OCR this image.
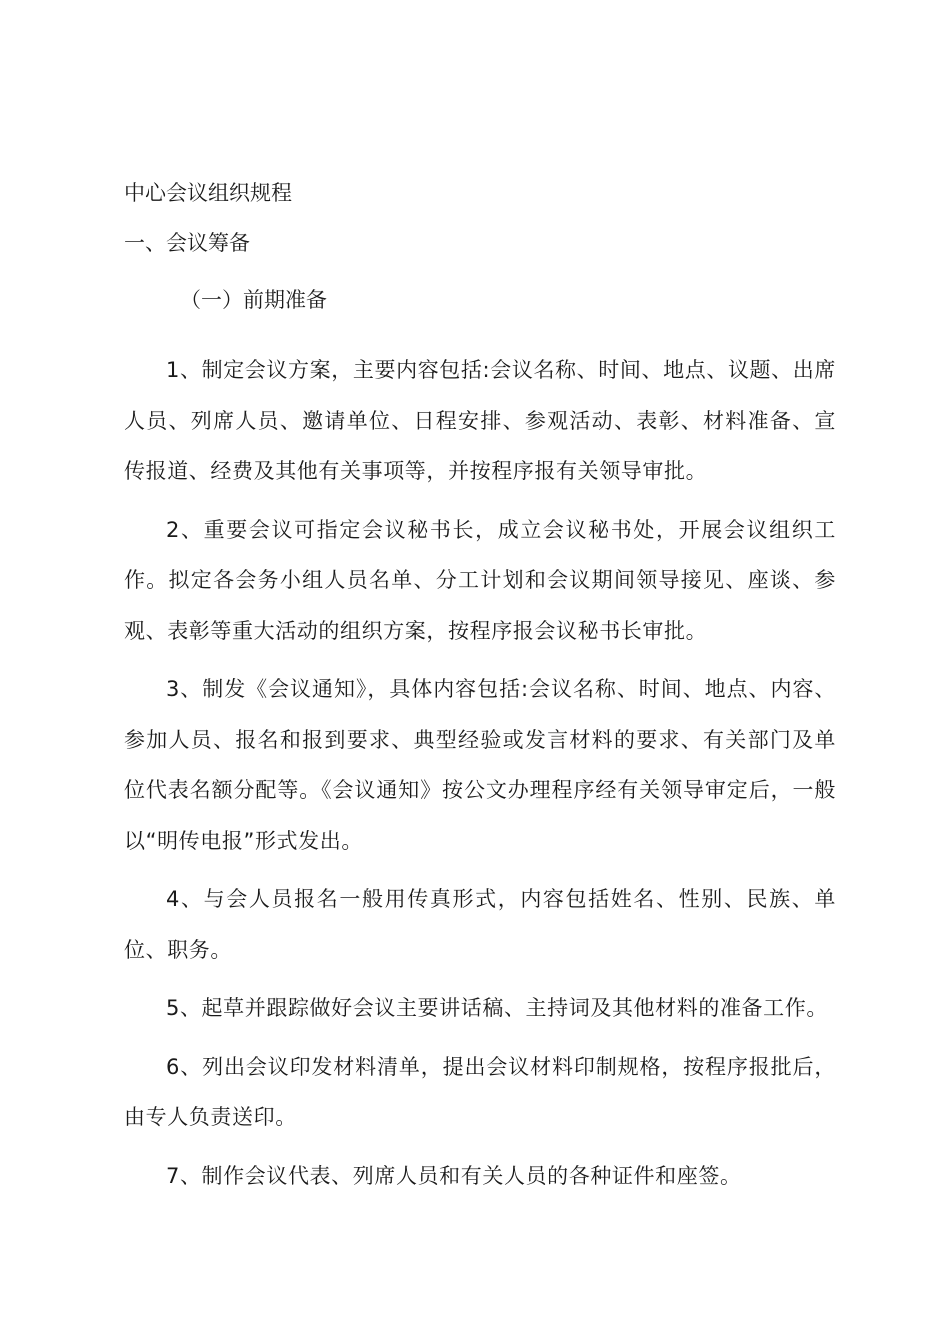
中心会议组织规程
一、会议筹备
（一）前期准备

1、制定会议方案，主要内容包括:会议名称、时间、地点、议题、出席人员、列席人员、邀请单位、日程安排、参观活动、表彰、材料准备、宣传报道、经费及其他有关事项等，并按程序报有关领导审批。

2、重要会议可指定会议秘书长，成立会议秘书处，开展会议组织工作。拟定各会务小组人员名单、分工计划和会议期间领导接见、座谈、参观、表彰等重大活动的组织方案，按程序报会议秘书长审批。

3、制发《会议通知》，具体内容包括:会议名称、时间、地点、内容、参加人员、报名和报到要求、典型经验或发言材料的要求、有关部门及单位代表名额分配等。《会议通知》按公文办理程序经有关领导审定后，一般以“明传电报”形式发出。

4、与会人员报名一般用传真形式，内容包括姓名、性别、民族、单位、职务。

5、起草并跟踪做好会议主要讲话稿、主持词及其他材料的准备工作。

6、列出会议印发材料清单，提出会议材料印制规格，按程序报批后，由专人负责送印。

7、制作会议代表、列席人员和有关人员的各种证件和座签。
